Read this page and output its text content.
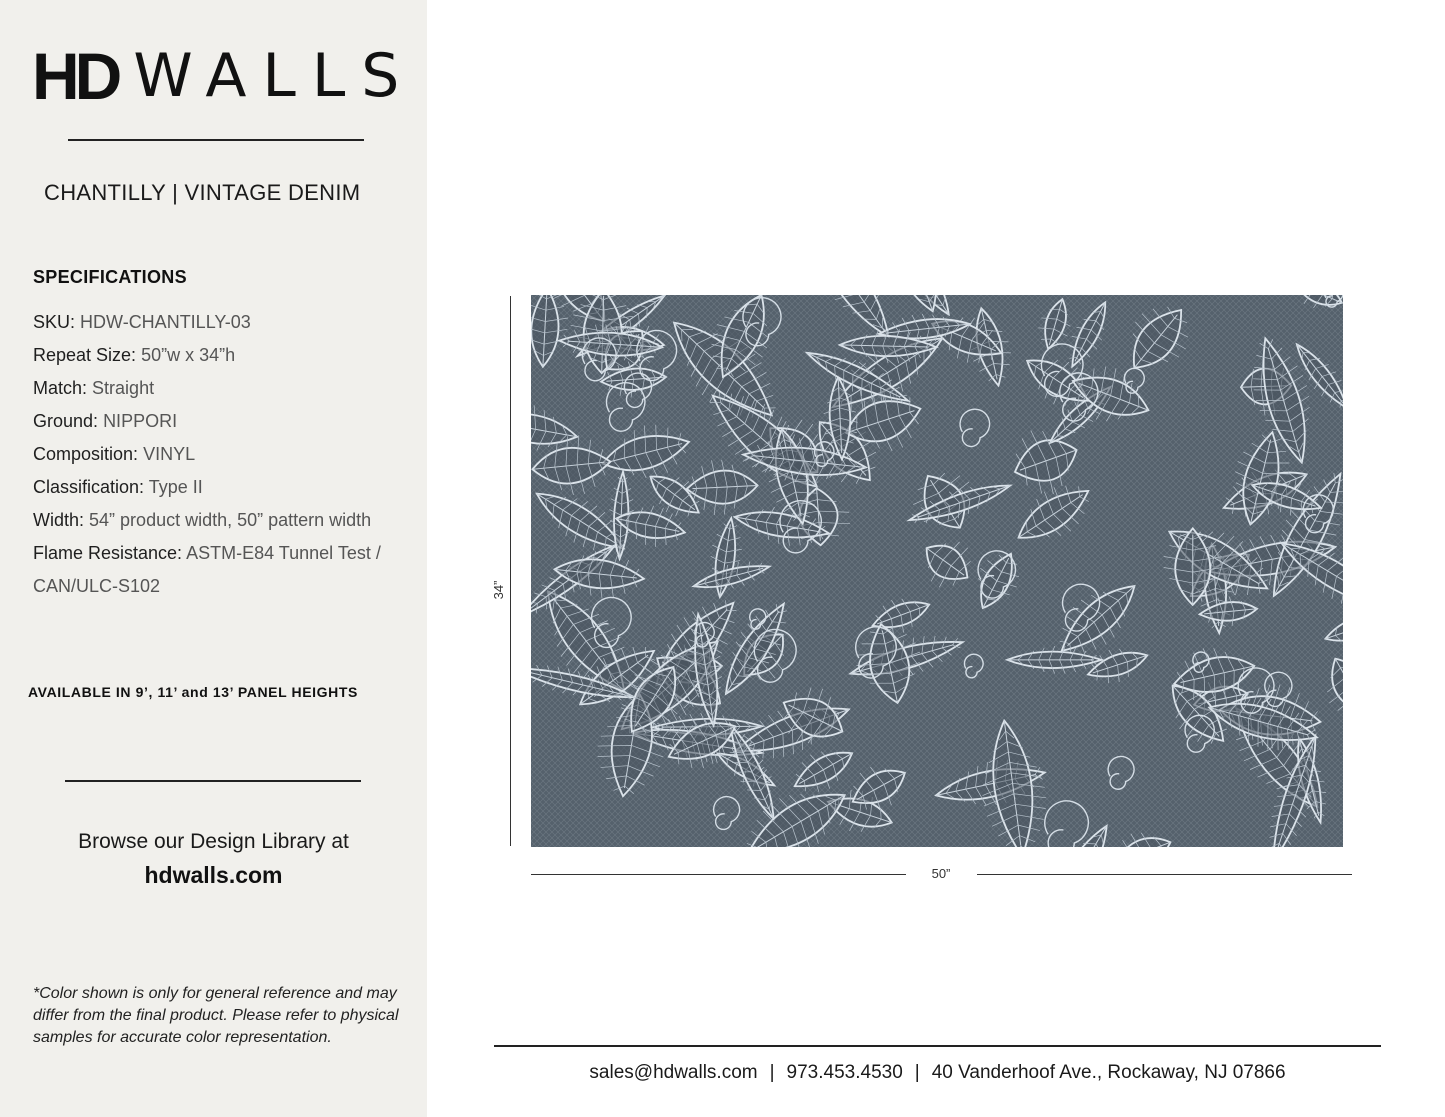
HD WALLS
CHANTILLY | VINTAGE DENIM
SPECIFICATIONS

SKU: HDW-CHANTILLY-03

Repeat Size: 50”w x 34”h

Match: Straight

Ground: NIPPORI

Composition: VINYL

Classification: Type II

Width: 54” product width, 50” pattern width

Flame Resistance: ASTM-E84 Tunnel Test / CAN/ULC-S102

AVAILABLE IN 9’, 11’ and 13’ PANEL HEIGHTS
Browse our Design Library at
hdwalls.com
*Color shown is only for general reference and may differ from the final product. Please refer to physical samples for accurate color representation.
34”
50”
sales@hdwalls.com | 973.453.4530 | 40 Vanderhoof Ave., Rockaway, NJ 07866
